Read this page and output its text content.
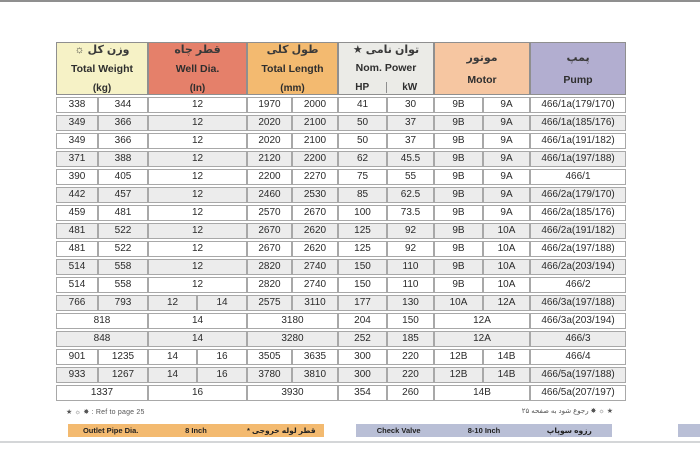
وزن کل ☼
Total Weight
(kg)

قطر چاه
Well Dia.
(In)

طول کلی
Total Length
(mm)

توان نامی ★
Nom. Power
HP	kW

موتور
Motor

پمپ
Pump

338	344	12		1970	2000	41	30	9B	9A	466/1a(179/170)
349	366	12		2020	2100	50	37	9B	9A	466/1a(185/176)
349	366	12		2020	2100	50	37	9B	9A	466/1a(191/182)
371	388	12		2120	2200	62	45.5	9B	9A	466/1a(197/188)
390	405	12		2200	2270	75	55	9B	9A	466/1
442	457	12		2460	2530	85	62.5	9B	9A	466/2a(179/170)
459	481	12		2570	2670	100	73.5	9B	9A	466/2a(185/176)
481	522	12		2670	2620	125	92	9B	10A	466/2a(191/182)
481	522	12		2670	2620	125	92	9B	10A	466/2a(197/188)
514	558	12		2820	2740	150	110	9B	10A	466/2a(203/194)
514	558	12		2820	2740	150	110	9B	10A	466/2
766	793	12	14	2575	3110	177	130	10A	12A	466/3a(197/188)
818		14		3180		204	150	12A		466/3a(203/194)
848		14		3280		252	185	12A		466/3
901	1235	14	16	3505	3635	300	220	12B	14B	466/4
933	1267	14	16	3780	3810	300	220	12B	14B	466/5a(197/188)
1337		16		3930		354	260	14B		466/5a(207/197)
★ ☼ ✸ : Ref to page 25	★ ☼ ✸ رجوع شود به صفحه ۲۵
Outlet Pipe Dia.	8 Inch	قطر لوله خروجی *	Check Valve	8-10 Inch	رزوه سوپاپ
